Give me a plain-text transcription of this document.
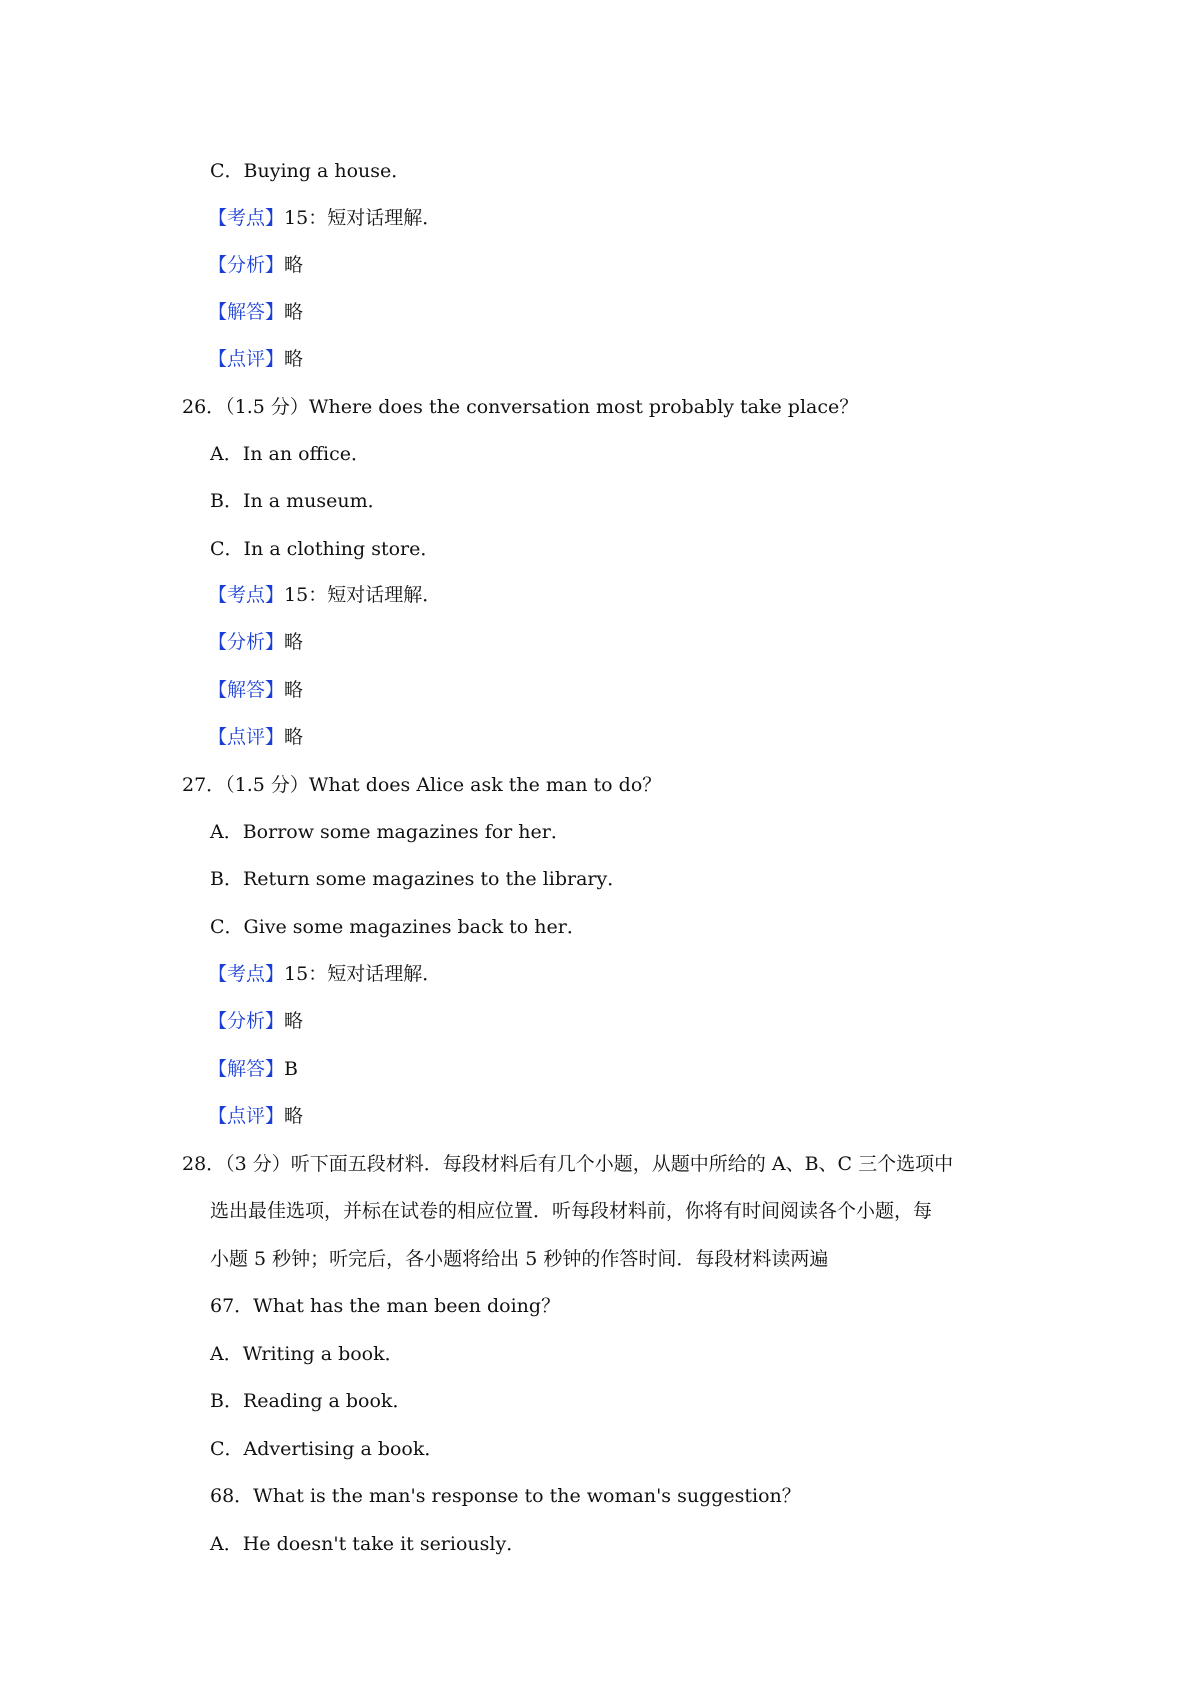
C．Buying a house．
【考点】15：短对话理解．
【分析】略
【解答】略
【点评】略
26．（1.5 分）Where does the conversation most probably take place？
A．In an office．
B．In a museum．
C．In a clothing store．
【考点】15：短对话理解．
【分析】略
【解答】略
【点评】略
27．（1.5 分）What does Alice ask the man to do？
A．Borrow some magazines for her．
B．Return some magazines to the library．
C．Give some magazines back to her．
【考点】15：短对话理解．
【分析】略
【解答】B
【点评】略
28．（3 分）听下面五段材料．每段材料后有几个小题，从题中所给的 A、B、C 三个选项中
选出最佳选项，并标在试卷的相应位置．听每段材料前，你将有时间阅读各个小题，每
小题 5 秒钟；听完后，各小题将给出 5 秒钟的作答时间．每段材料读两遍
67．What has the man been doing？
A．Writing a book．
B．Reading a book．
C．Advertising a book．
68．What is the man's response to the woman's suggestion？
A．He doesn't take it seriously．
